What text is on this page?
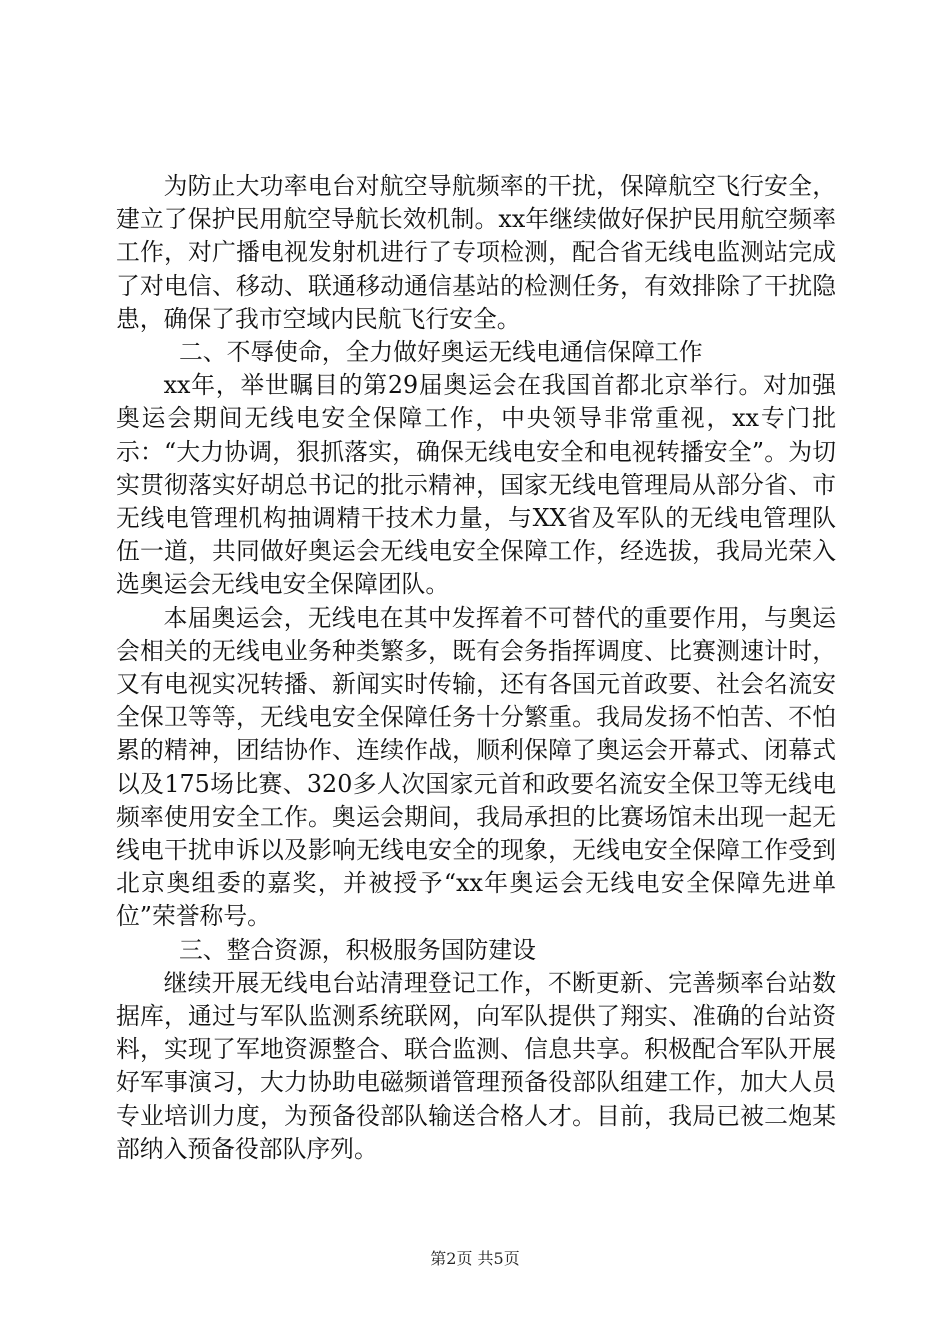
为防止大功率电台对航空导航频率的干扰，保障航空飞行安全，建立了保护民用航空导航长效机制。xx年继续做好保护民用航空频率工作，对广播电视发射机进行了专项检测，配合省无线电监测站完成了对电信、移动、联通移动通信基站的检测任务，有效排除了干扰隐患，确保了我市空域内民航飞行安全。

二、不辱使命，全力做好奥运无线电通信保障工作

xx年，举世瞩目的第29届奥运会在我国首都北京举行。对加强奥运会期间无线电安全保障工作，中央领导非常重视，xx专门批示：“大力协调，狠抓落实，确保无线电安全和电视转播安全”。为切实贯彻落实好胡总书记的批示精神，国家无线电管理局从部分省、市无线电管理机构抽调精干技术力量，与XX省及军队的无线电管理队伍一道，共同做好奥运会无线电安全保障工作，经选拔，我局光荣入选奥运会无线电安全保障团队。

本届奥运会，无线电在其中发挥着不可替代的重要作用，与奥运会相关的无线电业务种类繁多，既有会务指挥调度、比赛测速计时，又有电视实况转播、新闻实时传输，还有各国元首政要、社会名流安全保卫等等，无线电安全保障任务十分繁重。我局发扬不怕苦、不怕累的精神，团结协作、连续作战，顺利保障了奥运会开幕式、闭幕式以及175场比赛、320多人次国家元首和政要名流安全保卫等无线电频率使用安全工作。奥运会期间，我局承担的比赛场馆未出现一起无线电干扰申诉以及影响无线电安全的现象，无线电安全保障工作受到北京奥组委的嘉奖，并被授予“xx年奥运会无线电安全保障先进单位”荣誉称号。

三、整合资源，积极服务国防建设

继续开展无线电台站清理登记工作，不断更新、完善频率台站数据库，通过与军队监测系统联网，向军队提供了翔实、准确的台站资料，实现了军地资源整合、联合监测、信息共享。积极配合军队开展好军事演习，大力协助电磁频谱管理预备役部队组建工作，加大人员专业培训力度，为预备役部队输送合格人才。目前，我局已被二炮某部纳入预备役部队序列。

第2页 共5页
